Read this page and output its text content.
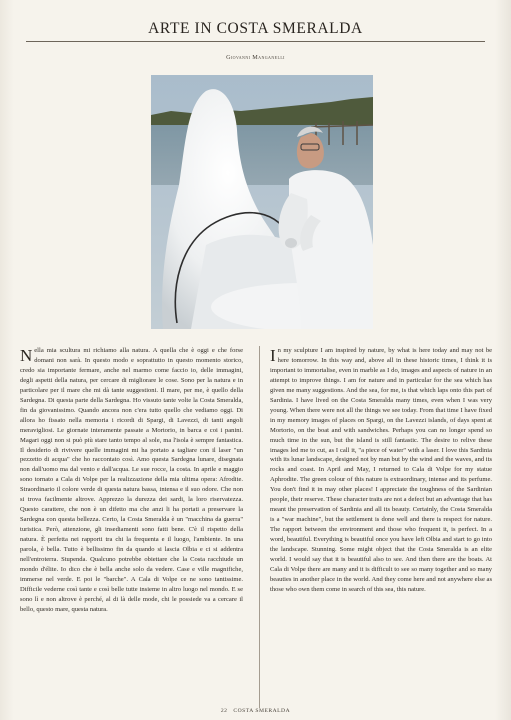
ARTE IN COSTA SMERALDA
Giovanni Manganelli

Nella mia scultura mi richiamo alla natura. A quella che è oggi e che forse domani non sarà. In questo modo e soprattutto in questo momento storico, credo sia importante fermare, anche nel marmo come faccio io, delle immagini, degli aspetti della natura, per cercare di migliorare le cose. Sono per la natura e in particolare per il mare che mi dà tante suggestioni. Il mare, per me, è quello della Sardegna. Di questa parte della Sardegna. Ho vissuto tante volte la Costa Smeralda, fin da giovanissimo. Quando ancora non c'era tutto quello che vediamo oggi. Di allora ho fissato nella memoria i ricordi di Spargi, di Lavezzi, di tanti angoli meravigliosi. Le giornate interamente passate a Mortorio, in barca e coi i panini. Magari oggi non si può più stare tanto tempo al sole, ma l'isola è sempre fantastica. Il desiderio di rivivere quelle immagini mi ha portato a tagliare con il laser "un pezzetto di acqua" che ho raccontato così. Amo questa Sardegna lunare, disegnata non dall'uomo ma dal vento e dall'acqua. Le sue rocce, la costa. In aprile e maggio sono tornato a Cala di Volpe per la realizzazione della mia ultima opera: Afrodite. Straordinario il colore verde di questa natura bassa, intensa e il suo odore. Che non si trova facilmente altrove. Apprezzo la durezza dei sardi, la loro riservatezza. Questo carattere, che non è un difetto ma che anzi li ha portati a preservare la Sardegna con questa bellezza. Certo, la Costa Smeralda è un "macchina da guerra" turistica. Però, attenzione, gli insediamenti sono fatti bene. C'è il rispetto della natura. È perfetta nei rapporti tra chi la frequenta e il luogo, l'ambiente. In una parola, è bella. Tutto è bellissimo fin da quando si lascia Olbia e ci si addentra nell'entroterra. Stupenda. Qualcuno potrebbe obiettare che la Costa racchiude un mondo d'élite. Io dico che è bella anche solo da vedere. Case e ville magnifiche, immerse nel verde. E poi le "barche". A Cala di Volpe ce ne sono tantissime. Difficile vederne così tante e così belle tutte insieme in altro luogo nel mondo. E se sono lì e non altrove è perché, al di là delle mode, chi le possiede va a cercare il bello, questo mare, questa natura.

In my sculpture I am inspired by nature, by what is here today and may not be here tomorrow. In this way and, above all in these historic times, I think it is important to immortalise, even in marble as I do, images and aspects of nature in an attempt to improve things. I am for nature and in particular for the sea which has given me many suggestions. And the sea, for me, is that which laps onto this part of Sardinia. I have lived on the Costa Smeralda many times, even when I was very young. When there were not all the things we see today. From that time I have fixed in my memory images of places on Spargi, on the Lavezzi islands, of days spent at Mortorio, on the boat and with sandwiches. Perhaps you can no longer spend so much time in the sun, but the island is still fantastic. The desire to relive these images led me to cut, as I call it, "a piece of water" with a laser. I love this Sardinia with its lunar landscape, designed not by man but by the wind and the waves, and its rocks and coast. In April and May, I returned to Cala di Volpe for my statue Aphrodite. The green colour of this nature is extraordinary, intense and its perfume. You don't find it in may other places! I appreciate the toughness of the Sardinian people, their reserve. These character traits are not a defect but an advantage that has meant the preservation of Sardinia and all its beauty. Certainly, the Costa Smeralda is a "war machine", but the settlement is done well and there is respect for nature. The rapport between the environment and those who frequent it, is perfect. In a word, beautiful. Everything is beautiful once you have left Olbia and start to go into the landscape. Stunning. Some might object that the Costa Smeralda is an elite world. I would say that it is beautiful also to see. And then there are the boats. At Cala di Volpe there are many and it is difficult to see so many together and so many beauties in another place in the world. And they come here and not anywhere else as those who own them come in search of this sea, this nature.

22 COSTA SMERALDA
